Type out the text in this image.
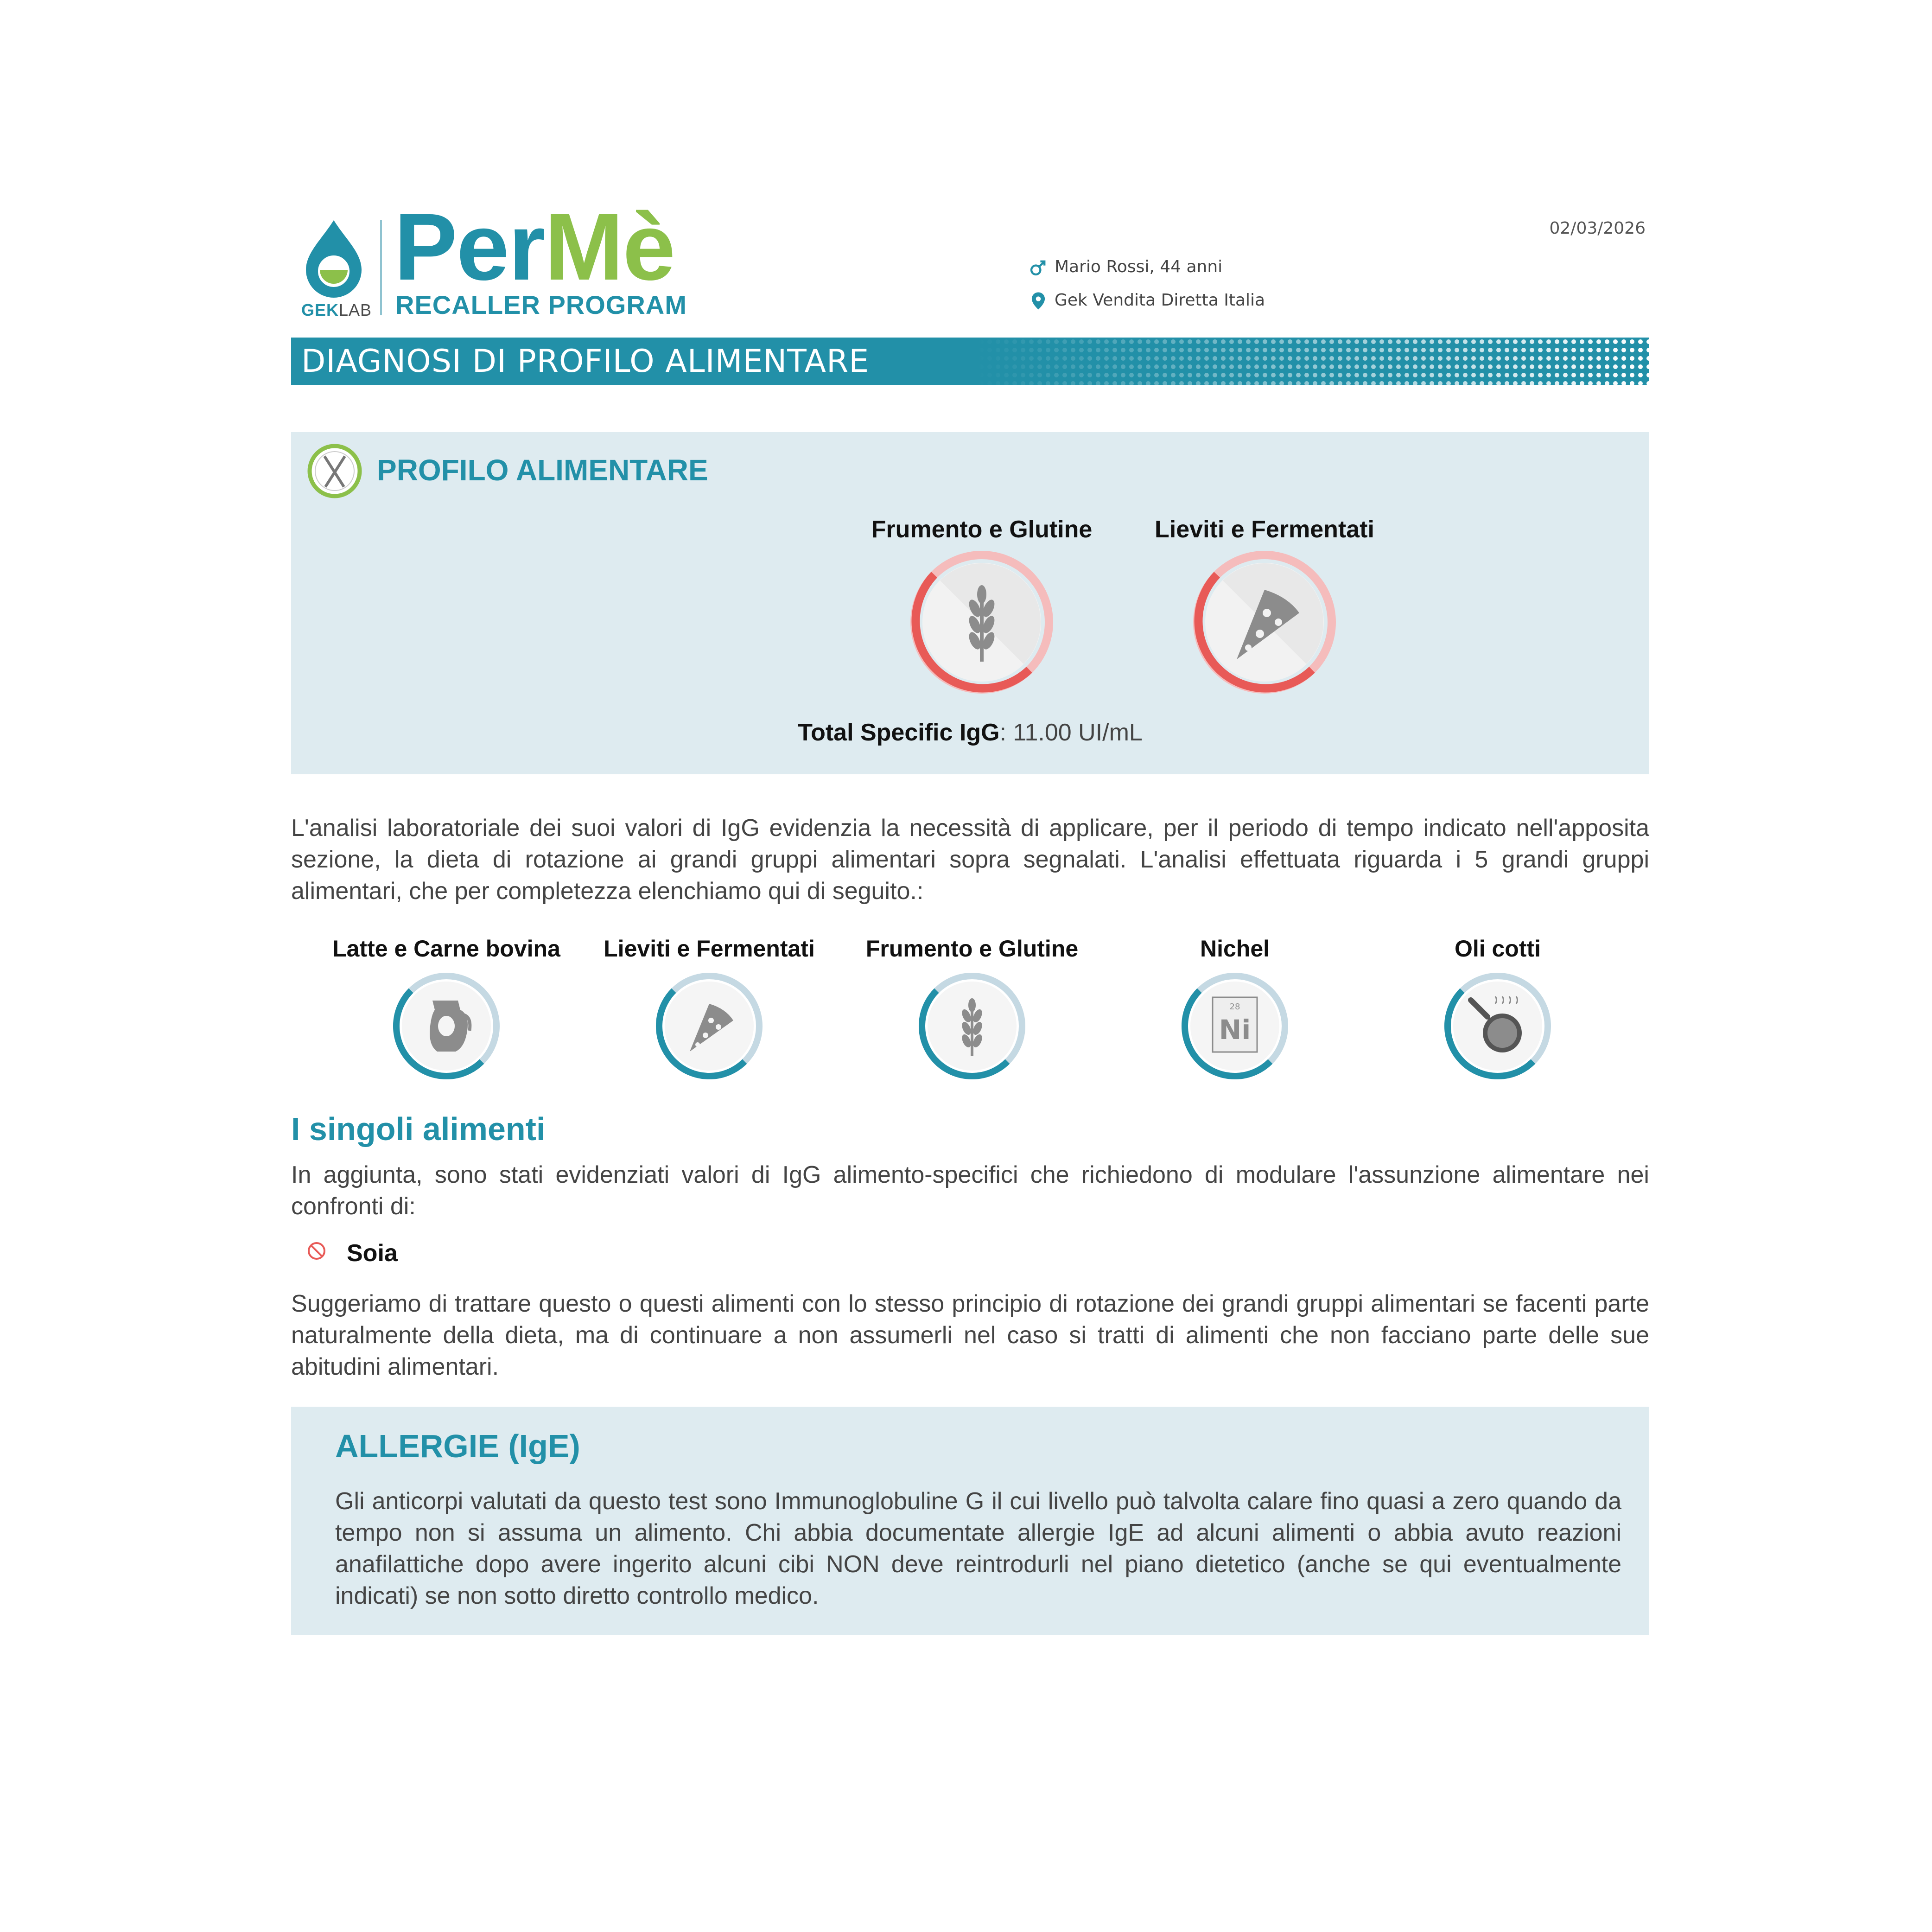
GEKLAB
PerMè
RECALLER PROGRAM
02/03/2026
Mario Rossi, 44 anni
Gek Vendita Diretta Italia
DIAGNOSI DI PROFILO ALIMENTARE
PROFILO ALIMENTARE
Frumento e Glutine	Lieviti e Fermentati
Total Specific IgG: 11.00 UI/mL
L'analisi laboratoriale dei suoi valori di IgG evidenzia la necessità di applicare, per il periodo di tempo indicato nell'apposita sezione, la dieta di rotazione ai grandi gruppi alimentari sopra segnalati. L'analisi effettuata riguarda i 5 grandi gruppi alimentari, che per completezza elenchiamo qui di seguito.:
Latte e Carne bovina	Lieviti e Fermentati	Frumento e Glutine	Nichel
28
Ni
Oli cotti
I singoli alimenti
In aggiunta, sono stati evidenziati valori di IgG alimento-specifici che richiedono di modulare l'assunzione alimentare nei confronti di:
Soia
Suggeriamo di trattare questo o questi alimenti con lo stesso principio di rotazione dei grandi gruppi alimentari se facenti parte naturalmente della dieta, ma di continuare a non assumerli nel caso si tratti di alimenti che non facciano parte delle sue abitudini alimentari.
ALLERGIE (IgE)
Gli anticorpi valutati da questo test sono Immunoglobuline G il cui livello può talvolta calare fino quasi a zero quando da tempo non si assuma un alimento. Chi abbia documentate allergie IgE ad alcuni alimenti o abbia avuto reazioni anafilattiche dopo avere ingerito alcuni cibi NON deve reintrodurli nel piano dietetico (anche se qui eventualmente indicati) se non sotto diretto controllo medico.
